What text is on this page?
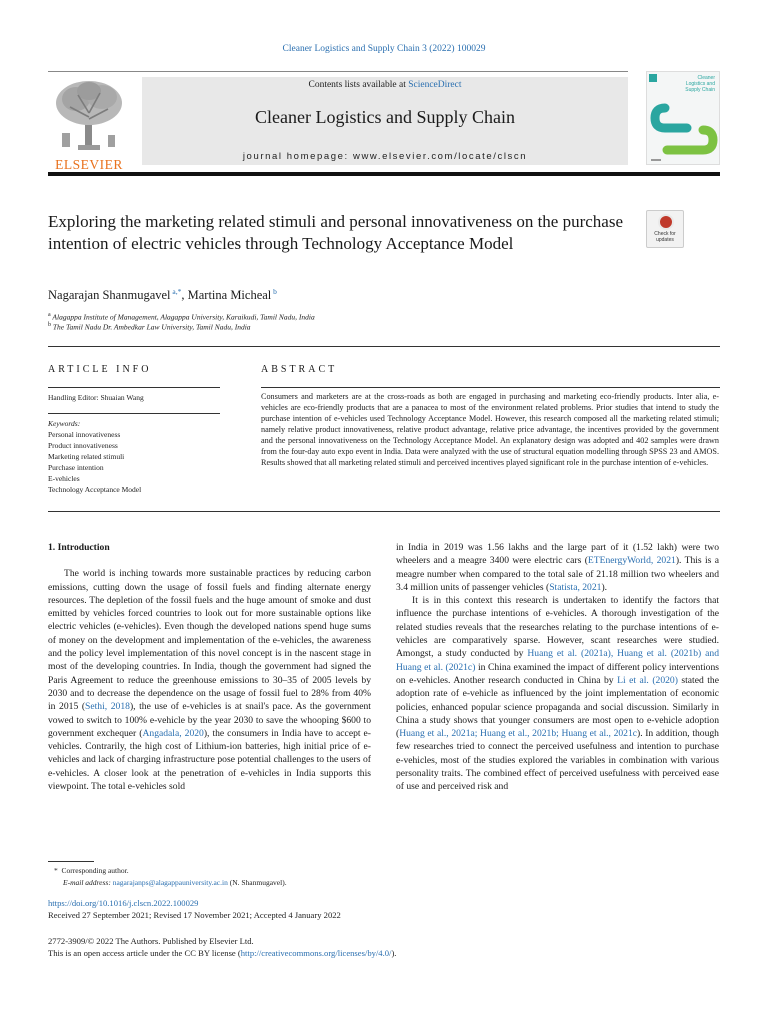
Cleaner Logistics and Supply Chain 3 (2022) 100029
ELSEVIER
Contents lists available at ScienceDirect
Cleaner Logistics and Supply Chain
journal homepage: www.elsevier.com/locate/clscn
Cleaner
Logistics and
Supply Chain
Exploring the marketing related stimuli and personal innovativeness on the purchase intention of electric vehicles through Technology Acceptance Model	Check for
updates
Nagarajan Shanmugavel $^{a,*}$, Martina Micheal $^b$
$^a$ Alagappa Institute of Management, Alagappa University, Karaikudi, Tamil Nadu, India
$^b$ The Tamil Nadu Dr. Ambedkar Law University, Tamil Nadu, India
ARTICLE INFO	ABSTRACT
Handling Editor: Shuaian Wang
Keywords:
Personal innovativeness
Product innovativeness
Marketing related stimuli
Purchase intention
E-vehicles
Technology Acceptance Model
Consumers and marketers are at the cross-roads as both are engaged in purchasing and marketing eco-friendly products. Inter alia, e-vehicles are eco-friendly products that are a panacea to most of the environment related problems. Prior studies that intend to study the purchase intention of e-vehicles used Technology Acceptance Model. However, this research composed all the marketing related stimuli; namely relative product innovativeness, relative product advantage, relative price advantage, the incentives provided by the government and the personal innovativeness on the Technology Acceptance Model. An explanatory design was adopted and 402 samples were drawn from the four-day auto expo event in India. Data were analyzed with the use of structural equation modelling through SPSS 23 and AMOS. Results showed that all marketing related stimuli and perceived incentives played significant role in the purchase intention of e-vehicles.
1. Introduction

The world is inching towards more sustainable practices by reducing carbon emissions, cutting down the usage of fossil fuels and finding alternate energy resources. The depletion of the fossil fuels and the huge amount of smoke and dust emitted by vehicles forced countries to look out for more sustainable options like electric vehicles (e-vehicles). Even though the developed nations spend huge sums of money on the development and implementation of the e-vehicles, the awareness and the policy level implementation of this novel concept is in the nascent stage in most of the developing countries. In India, though the government had signed the Paris Agreement to reduce the greenhouse emissions to 30–35 of 2005 levels by 2030 and to decrease the dependence on the usage of fossil fuel to 28% from 40% in 2015 (Sethi, 2018), the use of e-vehicles is at snail's pace. As the government vowed to switch to 100% e-vehicle by the year 2030 to save the whooping $600 to government exchequer (Angadala, 2020), the consumers in India have to accept e-vehicles. Contrarily, the high cost of Lithium-ion batteries, high initial price of e-vehicles and lack of charging infrastructure pose potential challenges to the users of e-vehicles. A closer look at the penetration of e-vehicles in India supports this viewpoint. The total e-vehicles sold

in India in 2019 was 1.56 lakhs and the large part of it (1.52 lakh) were two wheelers and a meagre 3400 were electric cars (ETEnergyWorld, 2021). This is a meagre number when compared to the total sale of 21.18 million two wheelers and 3.4 million units of passenger vehicles (Statista, 2021).

It is in this context this research is undertaken to identify the factors that influence the purchase intentions of e-vehicles. A thorough investigation of the related studies reveals that the researches relating to the purchase intentions of e-vehicles are comparatively sparse. However, scant researches were studied. Amongst, a study conducted by Huang et al. (2021a), Huang et al. (2021b) and Huang et al. (2021c) in China examined the impact of different policy interventions on e-vehicles. Another research conducted in China by Li et al. (2020) stated the adoption rate of e-vehicle as influenced by the joint implementation of economic policies, enhanced popular science propaganda and social discussion. Similarly in China a study shows that younger consumers are most open to e-vehicle adoption (Huang et al., 2021a; Huang et al., 2021b; Huang et al., 2021c). In addition, though few researches tried to connect the perceived usefulness and intention to purchase e-vehicles, most of the studies explored the variables in combination with various personality traits. The combined effect of perceived usefulness with perceived ease of use and perceived risk and

* Corresponding author.
E-mail address: nagarajanps@alagappauniversity.ac.in (N. Shanmugavel).
https://doi.org/10.1016/j.clscn.2022.100029
Received 27 September 2021; Revised 17 November 2021; Accepted 4 January 2022
2772-3909/© 2022 The Authors. Published by Elsevier Ltd.
This is an open access article under the CC BY license (http://creativecommons.org/licenses/by/4.0/).
